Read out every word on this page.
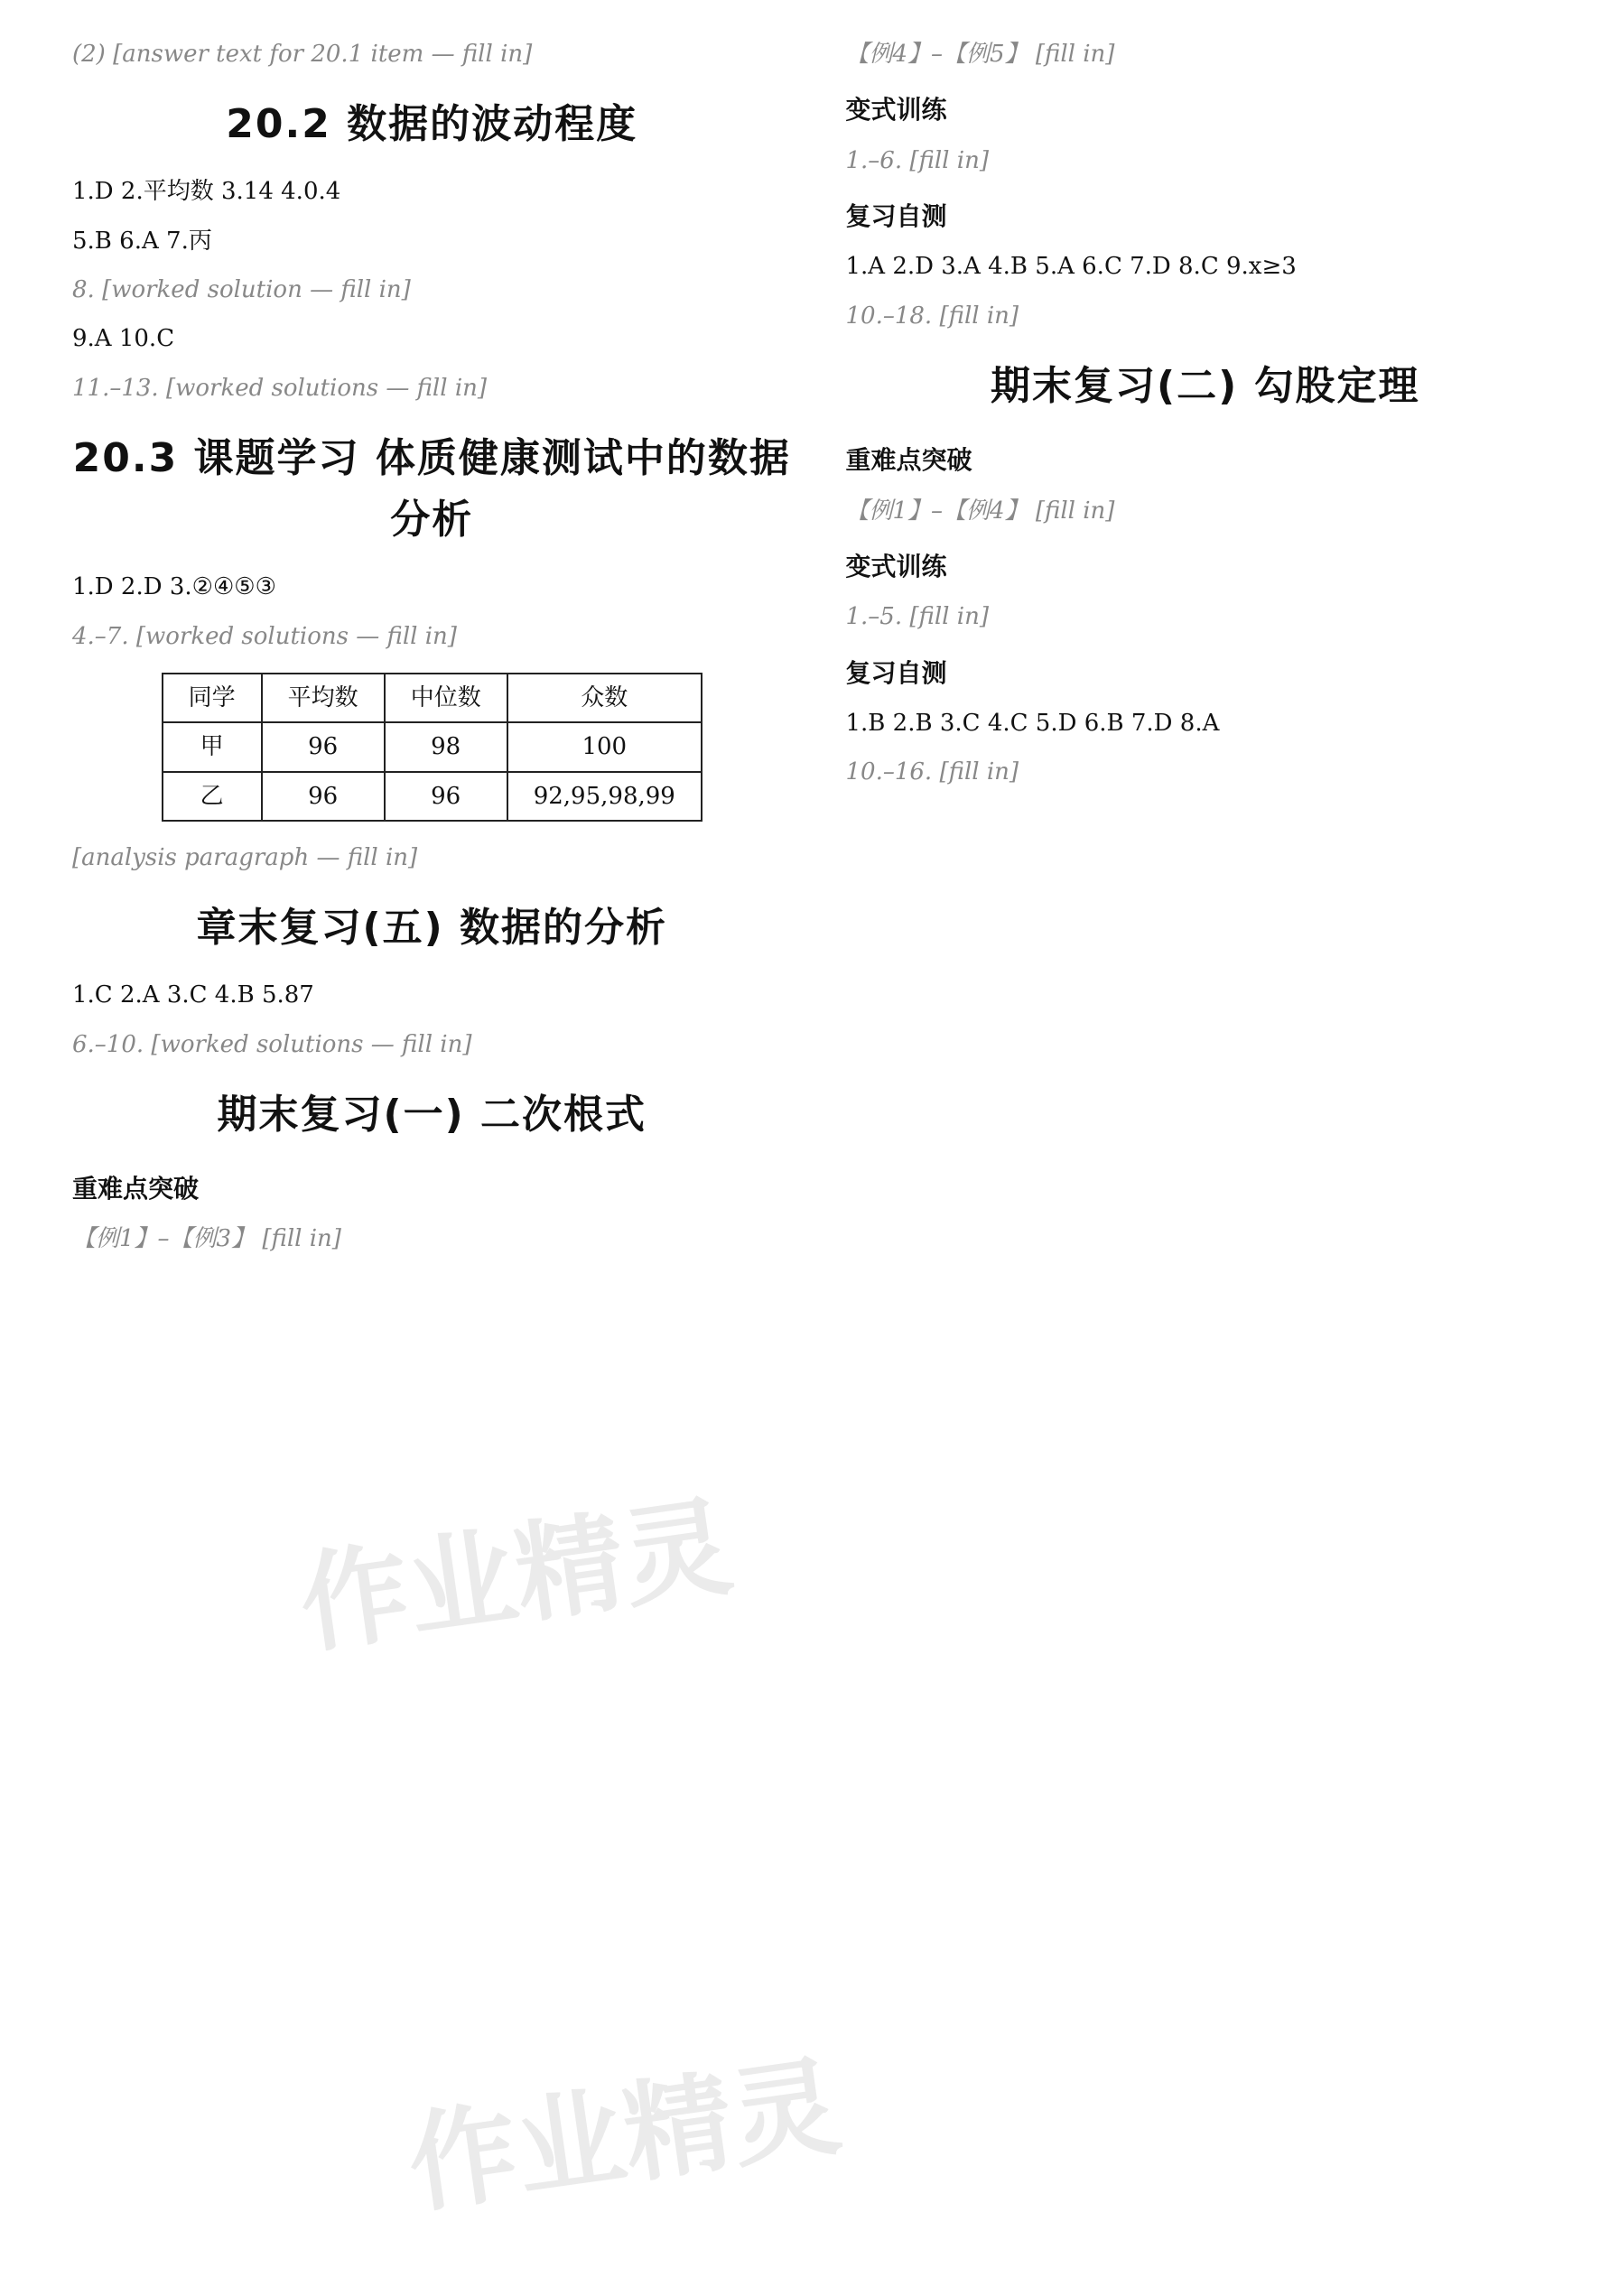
(2) [answer text for 20.1 item — fill in]
20.2 数据的波动程度
1.D 2.平均数 3.14 4.0.4
5.B 6.A 7.丙
8. [worked solution — fill in]
9.A 10.C
11.–13. [worked solutions — fill in]
20.3 课题学习 体质健康测试中的数据分析
1.D 2.D 3.②④⑤③
4.–7. [worked solutions — fill in]
同学	平均数	中位数	众数
甲	96	98	100
乙	96	96	92,95,98,99
[analysis paragraph — fill in]
章末复习(五) 数据的分析
1.C 2.A 3.C 4.B 5.87
6.–10. [worked solutions — fill in]
期末复习(一) 二次根式
重难点突破
【例1】–【例3】 [fill in]
【例4】–【例5】 [fill in]
变式训练
1.–6. [fill in]
复习自测
1.A 2.D 3.A 4.B 5.A 6.C 7.D 8.C 9.x≥3
10.–18. [fill in]
期末复习(二) 勾股定理
重难点突破
【例1】–【例4】 [fill in]
变式训练
1.–5. [fill in]
复习自测
1.B 2.B 3.C 4.C 5.D 6.B 7.D 8.A
10.–16. [fill in]
作业精灵
作业精灵
